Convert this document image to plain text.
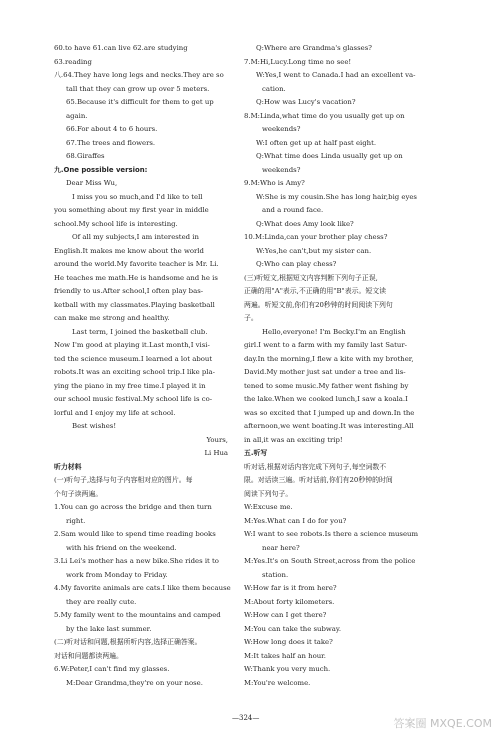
60.to have 61.can live 62.are studying

63.reading

八.64.They have long legs and necks.They are so

tall that they can grow up over 5 meters.

65.Because it's difficult for them to get up

again.

66.For about 4 to 6 hours.

67.The trees and flowers.

68.Giraffes

九.One possible version:

Dear Miss Wu,

I miss you so much,and I'd like to tell

you something about my first year in middle

school.My school life is interesting.

Of all my subjects,I am interested in

English.It makes me know about the world

around the world.My favorite teacher is Mr. Li.

He teaches me math.He is handsome and he is

friendly to us.After school,I often play bas-

ketball with my classmates.Playing basketball

can make me strong and healthy.

Last term, I joined the basketball club.

Now I'm good at playing it.Last month,I visi-

ted the science museum.I learned a lot about

robots.It was an exciting school trip.I like pla-

ying the piano in my free time.I played it in

our school music festival.My school life is co-

lorful and I enjoy my life at school.

Best wishes!

Yours,

Li Hua

听力材料

(一)听句子,选择与句子内容相对应的图片。每

个句子读两遍。

1.You can go across the bridge and then turn

right.

2.Sam would like to spend time reading books

with his friend on the weekend.

3.Li Lei's mother has a new bike.She rides it to

work from Monday to Friday.

4.My favorite animals are cats.I like them because

they are really cute.

5.My family went to the mountains and camped

by the lake last summer.

(二)听对话和问题,根据所听内容,选择正确答案。

对话和问题都读两遍。

6.W:Peter,I can't find my glasses.

M:Dear Grandma,they're on your nose.

Q:Where are Grandma's glasses?

7.M:Hi,Lucy.Long time no see!

W:Yes,I went to Canada.I had an excellent va-

cation.

Q:How was Lucy's vacation?

8.M:Linda,what time do you usually get up on

weekends?

W:I often get up at half past eight.

Q:What time does Linda usually get up on

weekends?

9.M:Who is Amy?

W:She is my cousin.She has long hair,big eyes

and a round face.

Q:What does Amy look like?

10.M:Linda,can your brother play chess?

W:Yes,he can't,but my sister can.

Q:Who can play chess?

(三)听短文,根据短文内容判断下列句子正误,

正确的用"A"表示,不正确的用"B"表示。短文读

两遍。听短文前,你们有20秒钟的时间阅读下列句

子。

Hello,everyone! I'm Becky.I'm an English

girl.I went to a farm with my family last Satur-

day.In the morning,I flew a kite with my brother,

David.My mother just sat under a tree and lis-

tened to some music.My father went fishing by

the lake.When we cooked lunch,I saw a koala.I

was so excited that I jumped up and down.In the

afternoon,we went boating.It was interesting.All

in all,it was an exciting trip!

五.听写

听对话,根据对话内容完成下列句子,每空词数不

限。对话读三遍。听对话前,你们有20秒钟的时间

阅读下列句子。

W:Excuse me.

M:Yes.What can I do for you?

W:I want to see robots.Is there a science museum

near here?

M:Yes.It's on South Street,across from the police

station.

W:How far is it from here?

M:About forty kilometers.

W:How can I get there?

M:You can take the subway.

W:How long does it take?

M:It takes half an hour.

W:Thank you very much.

M:You're welcome.

—324—	答案圈 MXQE.COM
